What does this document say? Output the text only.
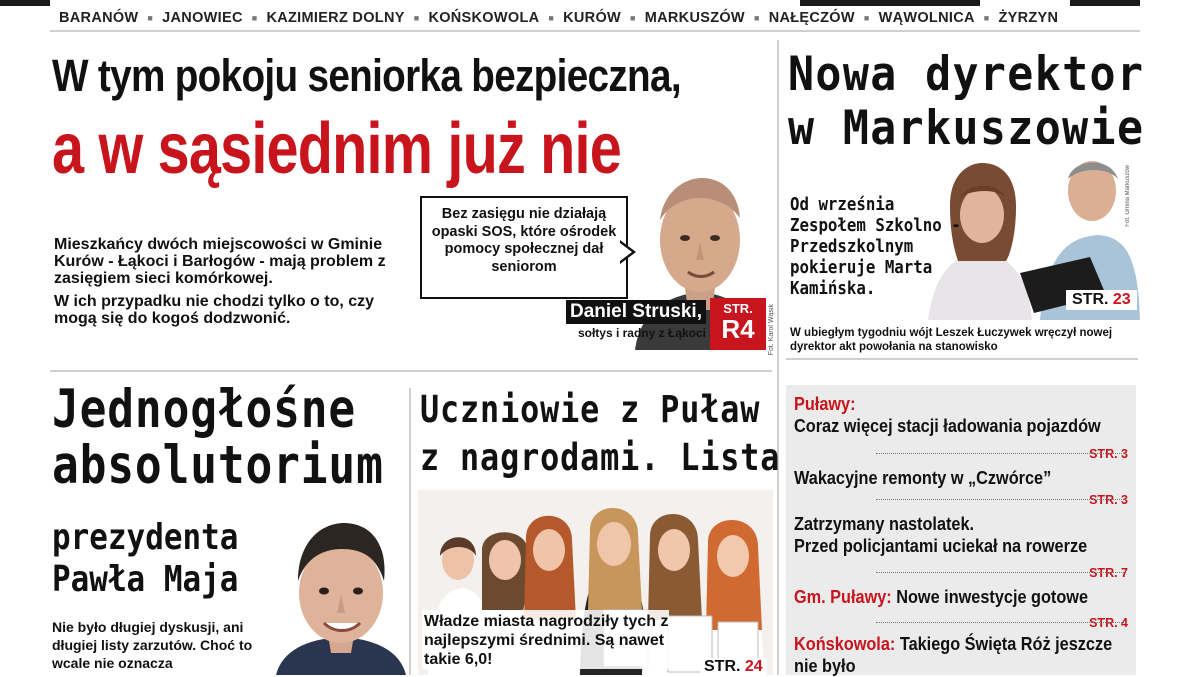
BARANÓW	■ JANOWIEC	■ KAZIMIERZ DOLNY	■ KOŃSKOWOLA	■ KURÓW	■ MARKUSZÓW	■ NAŁĘCZÓW	■ WĄWOLNICA	■ ŻYRZYN
W tym pokoju seniorka bezpieczna,
a w sąsiednim już nie

Mieszkańcy dwóch miejscowości w Gminie Kurów - Łąkoci i Barłogów - mają problem z zasięgiem sieci komórkowej.

W ich przypadku nie chodzi tylko o to, czy mogą się do kogoś dodzwonić.

Bez zasięgu nie działają opaski SOS, które ośrodek pomocy społecznej dał seniorom
Daniel Struski,
sołtys i radny z Łąkoci
STR.
R4	Fot. Karol Wąsik
Nowa dyrektor
w Markuszowie
Fot. Gmina Markuszów
Od września Zespołem Szkolno - Przedszkolnym pokieruje Marta Kamińska.
STR. 23
W ubiegłym tygodniu wójt Leszek Łuczywek wręczył nowej dyrektor akt powołania na stanowisko
Jednogłośne
absolutorium
prezydenta
Pawła Maja
Nie było długiej dyskusji, ani długiej listy zarzutów. Choć to wcale nie oznacza
Uczniowie z Puław
z nagrodami. Lista
Władze miasta nagrodziły tych z najlepszymi średnimi. Są nawet takie 6,0!	STR. 24
Puławy:
Coraz więcej stacji ładowania pojazdów
STR. 3
Wakacyjne remonty w „Czwórce”
STR. 3
Zatrzymany nastolatek.
Przed policjantami uciekał na rowerze
STR. 7
Gm. Puławy: Nowe inwestycje gotowe
STR. 4
Końskowola: Takiego Święta Róż jeszcze
nie było
